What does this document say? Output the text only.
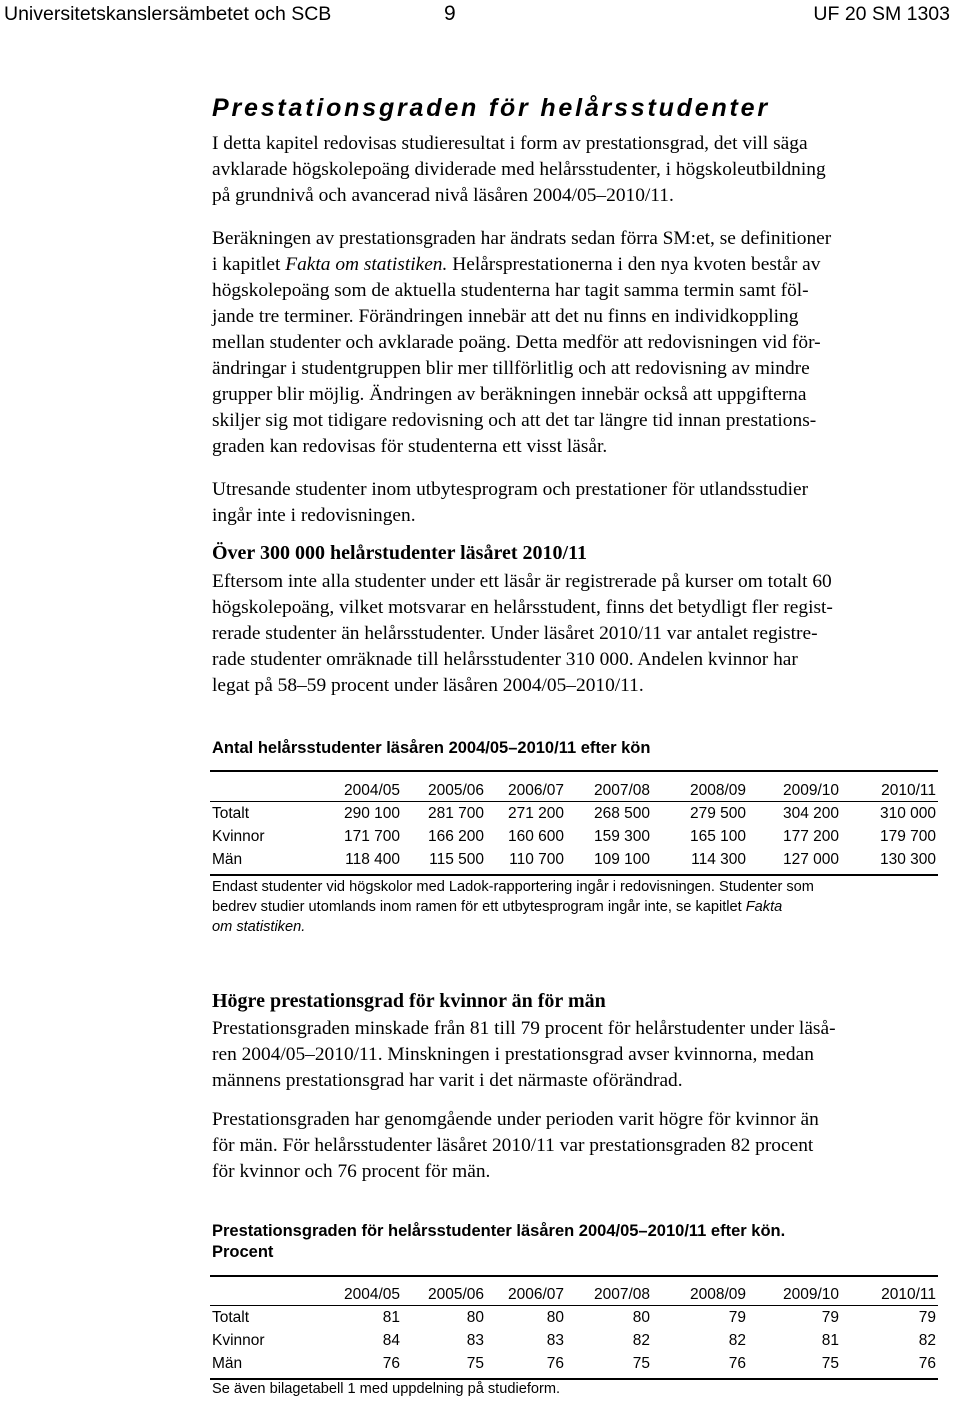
Universitetskanslersämbetet och SCB	9	UF 20 SM 1303
Prestationsgraden för helårsstudenter
I detta kapitel redovisas studieresultat i form av prestationsgrad, det vill säga
avklarade högskolepoäng dividerade med helårsstudenter, i högskoleutbildning
på grundnivå och avancerad nivå läsåren 2004/05–2010/11.
Beräkningen av prestationsgraden har ändrats sedan förra SM:et, se definitioner
i kapitlet Fakta om statistiken. Helårsprestationerna i den nya kvoten består av
högskolepoäng som de aktuella studenterna har tagit samma termin samt föl-
jande tre terminer. Förändringen innebär att det nu finns en individkoppling
mellan studenter och avklarade poäng. Detta medför att redovisningen vid för-
ändringar i studentgruppen blir mer tillförlitlig och att redovisning av mindre
grupper blir möjlig. Ändringen av beräkningen innebär också att uppgifterna
skiljer sig mot tidigare redovisning och att det tar längre tid innan prestations-
graden kan redovisas för studenterna ett visst läsår.
Utresande studenter inom utbytesprogram och prestationer för utlandsstudier
ingår inte i redovisningen.
Över 300 000 helårstudenter läsåret 2010/11
Eftersom inte alla studenter under ett läsår är registrerade på kurser om totalt 60
högskolepoäng, vilket motsvarar en helårsstudent, finns det betydligt fler regist-
rerade studenter än helårsstudenter. Under läsåret 2010/11 var antalet registre-
rade studenter omräknade till helårsstudenter 310 000. Andelen kvinnor har
legat på 58–59 procent under läsåren 2004/05–2010/11.
Antal helårsstudenter läsåren 2004/05–2010/11 efter kön
	2004/05	2005/06	2006/07	2007/08	2008/09	2009/10	2010/11
Totalt	290 100	281 700	271 200	268 500	279 500	304 200	310 000
Kvinnor	171 700	166 200	160 600	159 300	165 100	177 200	179 700
Män	118 400	115 500	110 700	109 100	114 300	127 000	130 300
Endast studenter vid högskolor med Ladok-rapportering ingår i redovisningen. Studenter som
bedrev studier utomlands inom ramen för ett utbytesprogram ingår inte, se kapitlet Fakta
om statistiken.
Högre prestationsgrad för kvinnor än för män
Prestationsgraden minskade från 81 till 79 procent för helårstudenter under läså-
ren 2004/05–2010/11. Minskningen i prestationsgrad avser kvinnorna, medan
männens prestationsgrad har varit i det närmaste oförändrad.
Prestationsgraden har genomgående under perioden varit högre för kvinnor än
för män. För helårsstudenter läsåret 2010/11 var prestationsgraden 82 procent
för kvinnor och 76 procent för män.
Prestationsgraden för helårsstudenter läsåren 2004/05–2010/11 efter kön.
Procent
	2004/05	2005/06	2006/07	2007/08	2008/09	2009/10	2010/11
Totalt	81	80	80	80	79	79	79
Kvinnor	84	83	83	82	82	81	82
Män	76	75	76	75	76	75	76
Se även bilagetabell 1 med uppdelning på studieform.
